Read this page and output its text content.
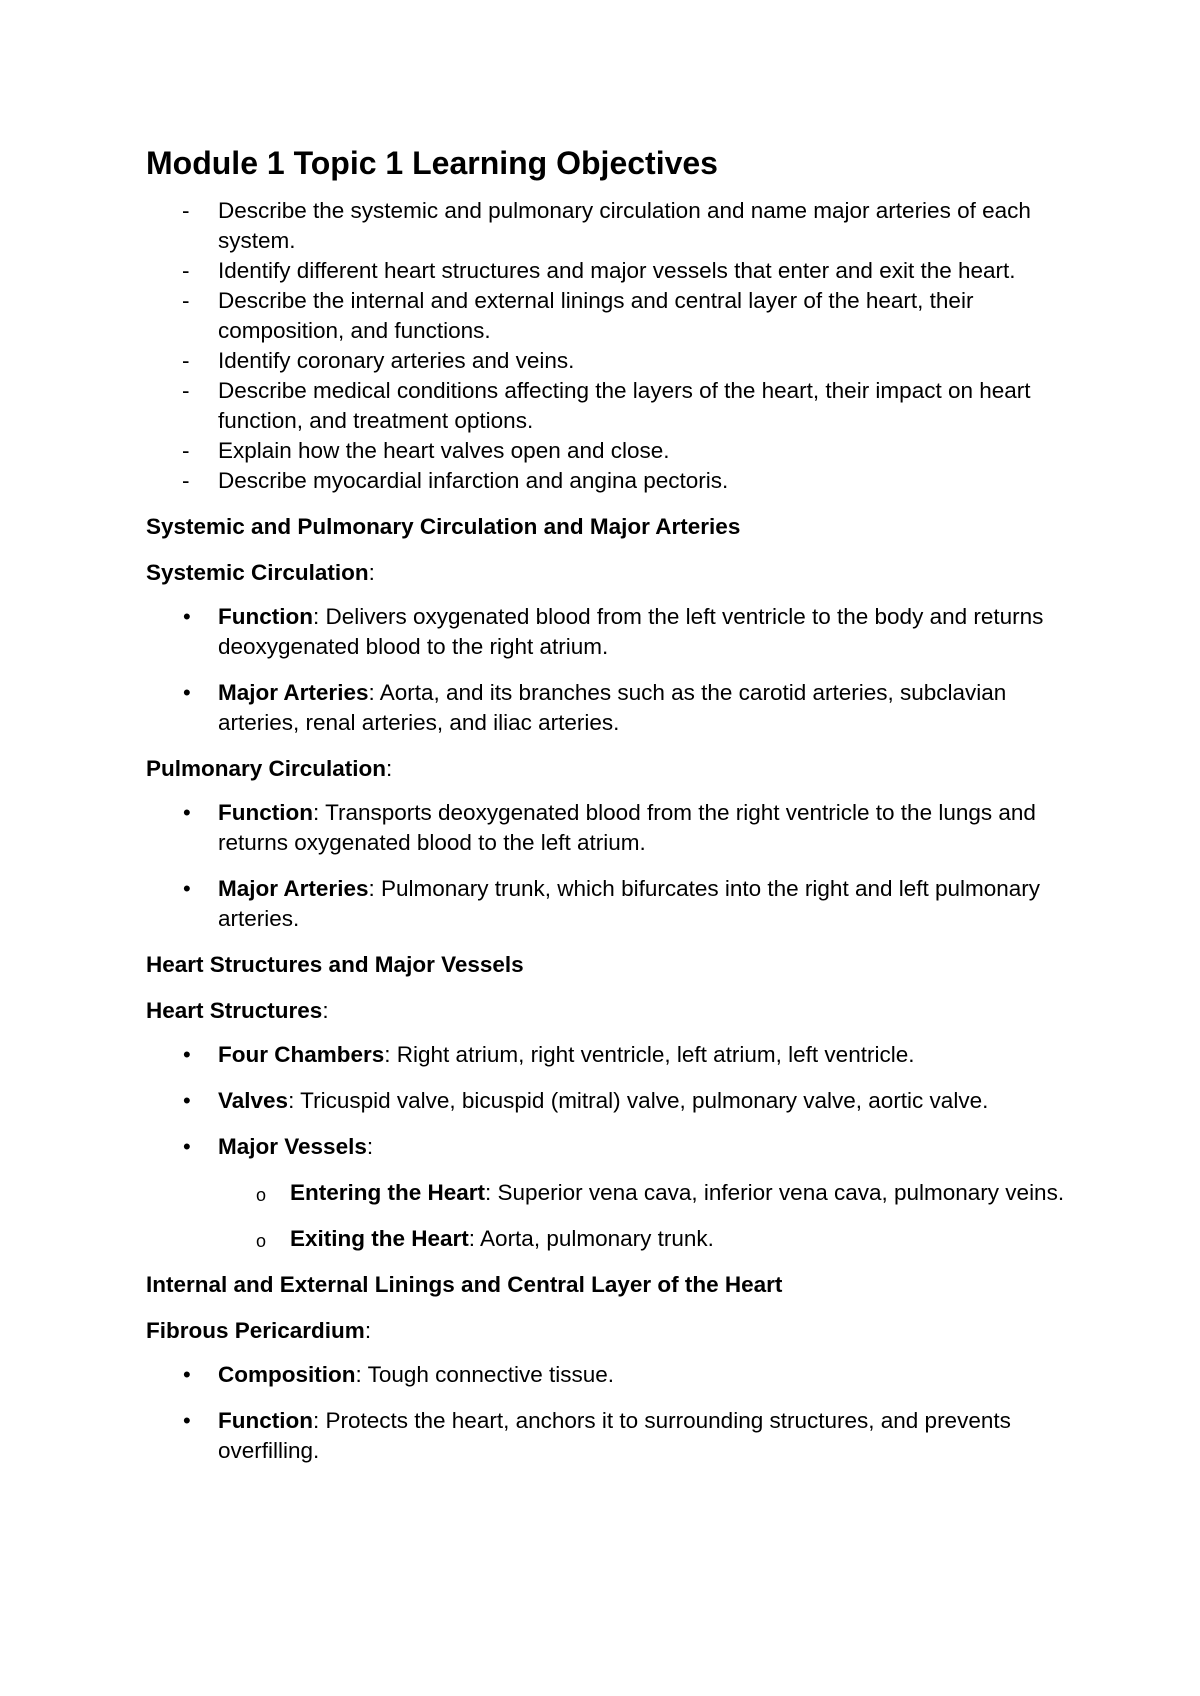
Module 1 Topic 1 Learning Objectives
- Describe the systemic and pulmonary circulation and name major arteries of each system.
- Identify different heart structures and major vessels that enter and exit the heart.
- Describe the internal and external linings and central layer of the heart, their composition, and functions.
- Identify coronary arteries and veins.
- Describe medical conditions affecting the layers of the heart, their impact on heart function, and treatment options.
- Explain how the heart valves open and close.
- Describe myocardial infarction and angina pectoris.
Systemic and Pulmonary Circulation and Major Arteries
Systemic Circulation:
• Function: Delivers oxygenated blood from the left ventricle to the body and returns deoxygenated blood to the right atrium.
• Major Arteries: Aorta, and its branches such as the carotid arteries, subclavian arteries, renal arteries, and iliac arteries.
Pulmonary Circulation:
• Function: Transports deoxygenated blood from the right ventricle to the lungs and returns oxygenated blood to the left atrium.
• Major Arteries: Pulmonary trunk, which bifurcates into the right and left pulmonary arteries.
Heart Structures and Major Vessels
Heart Structures:
• Four Chambers: Right atrium, right ventricle, left atrium, left ventricle.
• Valves: Tricuspid valve, bicuspid (mitral) valve, pulmonary valve, aortic valve.
• Major Vessels:
o Entering the Heart: Superior vena cava, inferior vena cava, pulmonary veins.
o Exiting the Heart: Aorta, pulmonary trunk.
Internal and External Linings and Central Layer of the Heart
Fibrous Pericardium:
• Composition: Tough connective tissue.
• Function: Protects the heart, anchors it to surrounding structures, and prevents overfilling.
